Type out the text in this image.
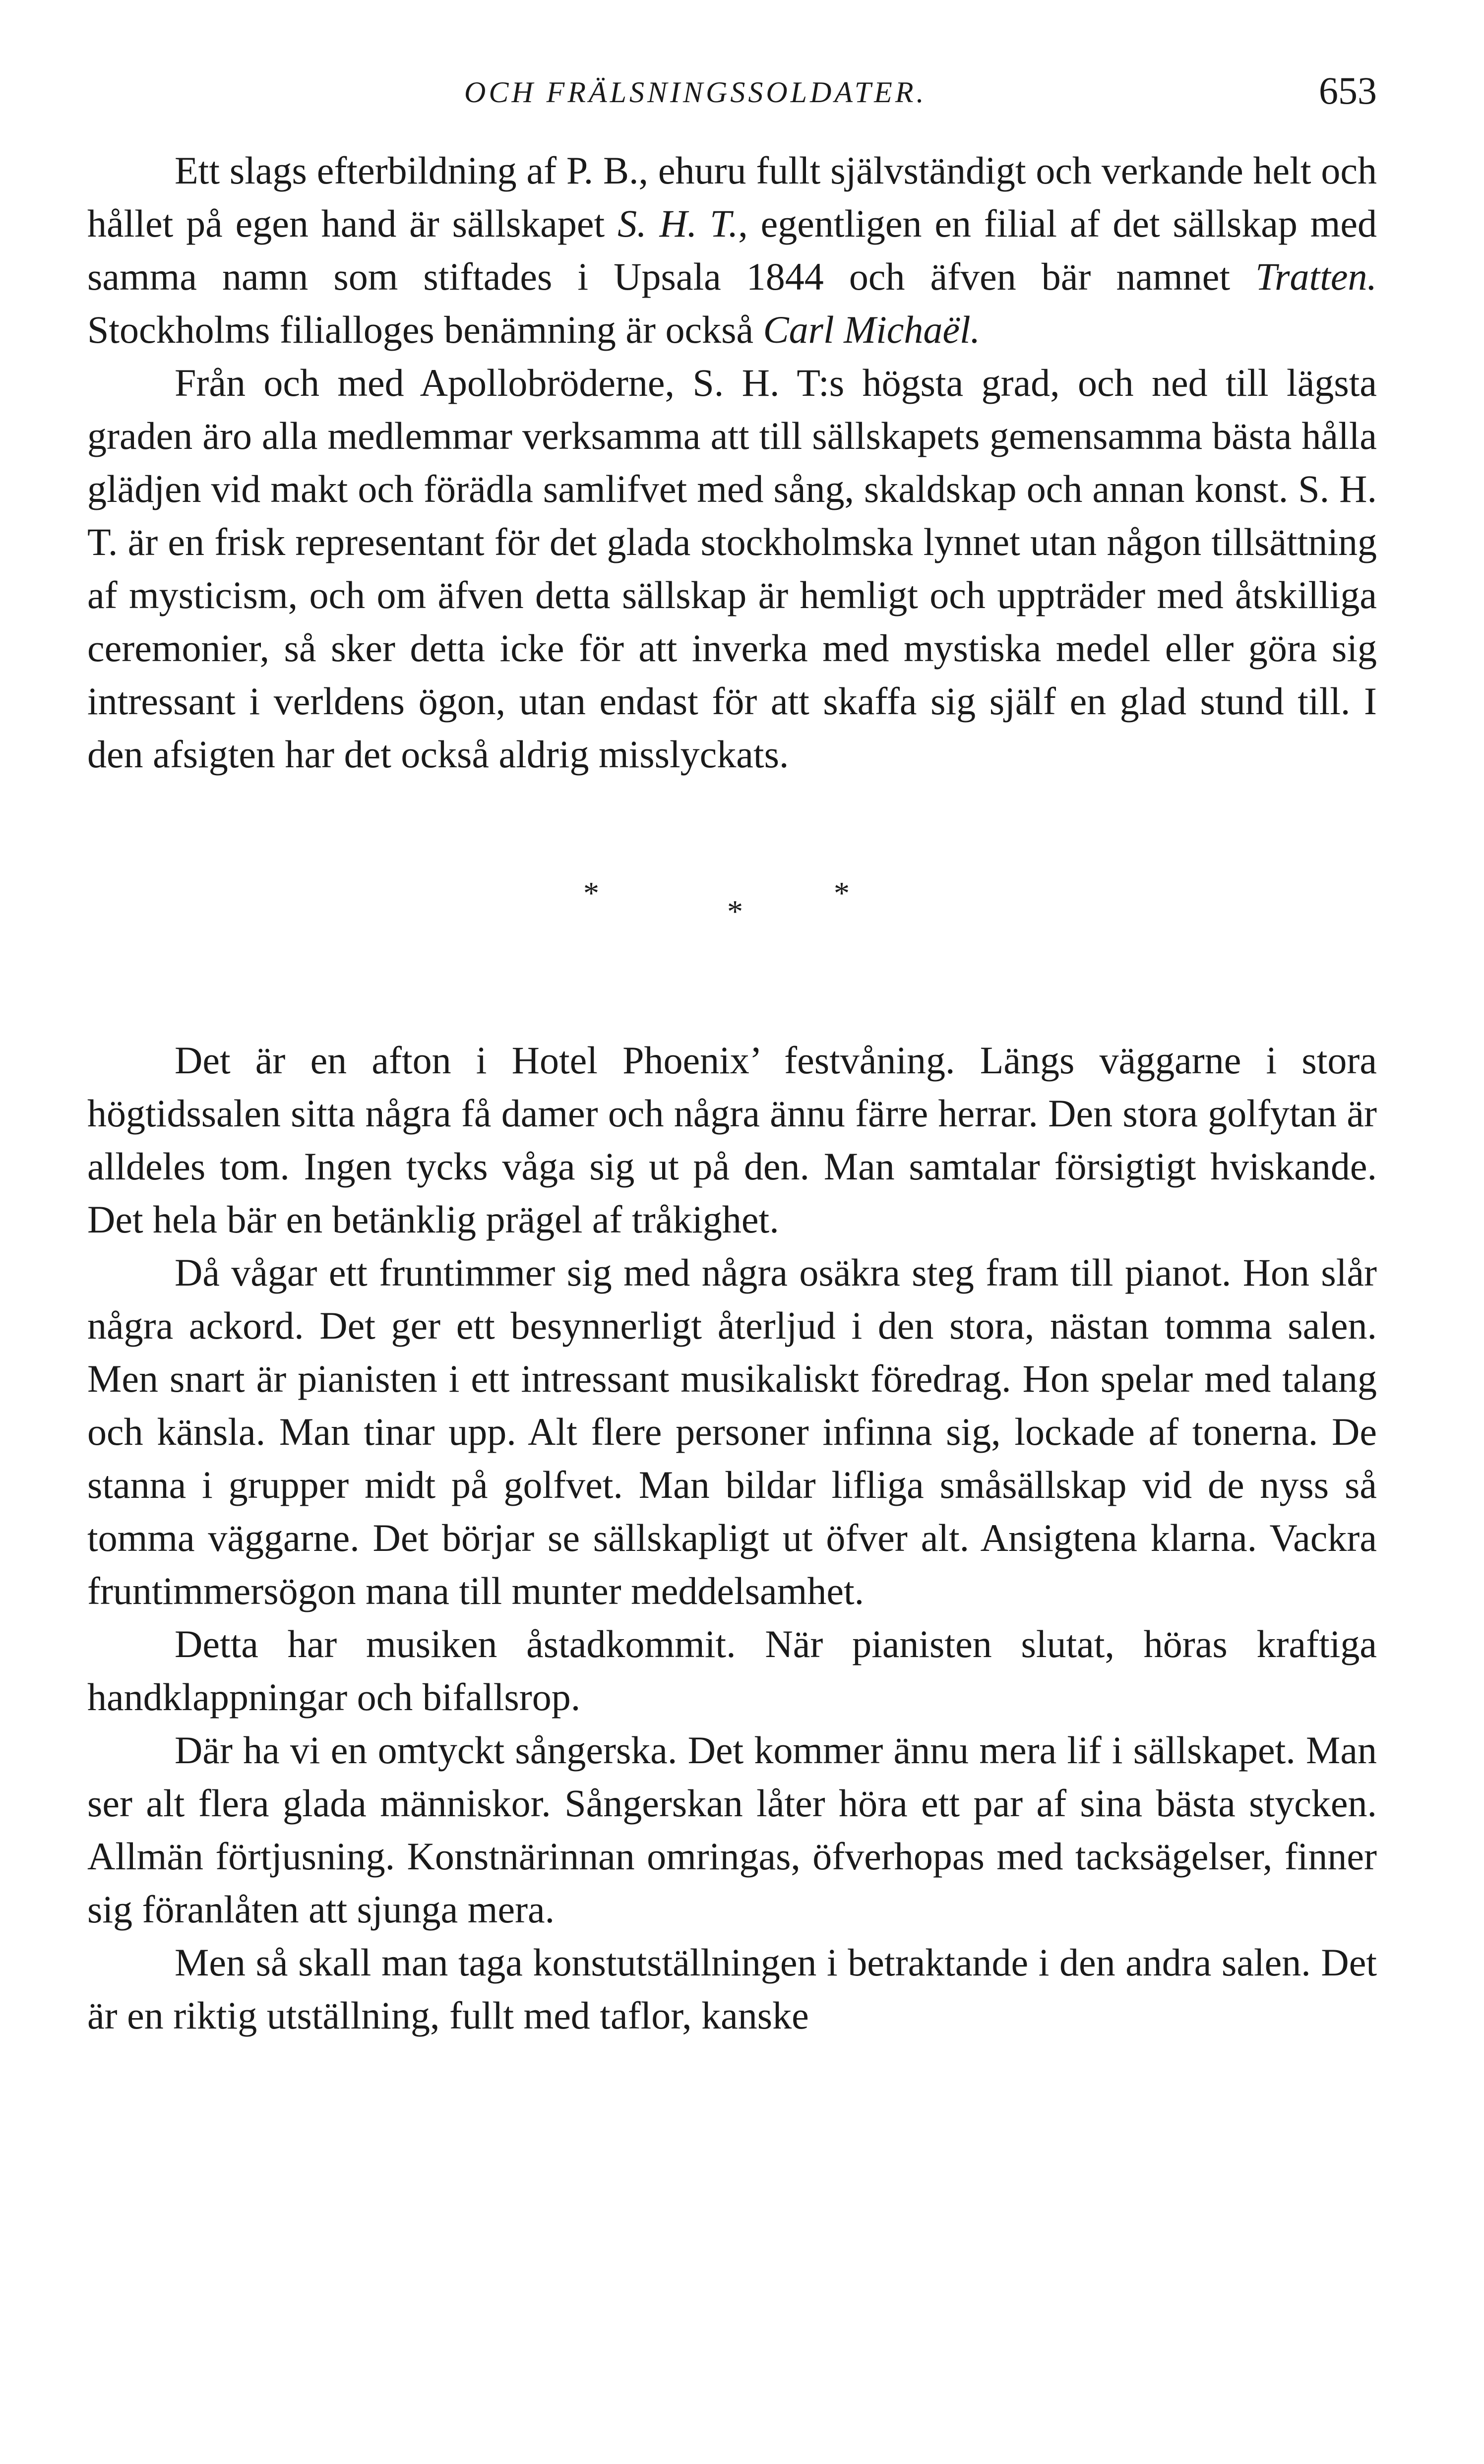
OCH FRÄLSNINGSSOLDATER.	653

Ett slags efterbildning af P. B., ehuru fullt självständigt och verkande helt och hållet på egen hand är sällskapet S. H. T., egentligen en filial af det sällskap med samma namn som stiftades i Upsala 1844 och äfven bär namnet Tratten. Stockholms filialloges benämning är också Carl Michaël.

Från och med Apollobröderne, S. H. T:s högsta grad, och ned till lägsta graden äro alla medlemmar verksamma att till sällskapets gemensamma bästa hålla glädjen vid makt och förädla samlifvet med sång, skaldskap och annan konst. S. H. T. är en frisk representant för det glada stockholmska lynnet utan någon tillsättning af mysticism, och om äfven detta sällskap är hemligt och uppträder med åtskilliga ceremonier, så sker detta icke för att inverka med mystiska medel eller göra sig intressant i verldens ögon, utan endast för att skaffa sig själf en glad stund till. I den afsigten har det också aldrig misslyckats.

*
*
*

Det är en afton i Hotel Phoenix’ festvåning. Längs väggarne i stora högtidssalen sitta några få damer och några ännu färre herrar. Den stora golfytan är alldeles tom. Ingen tycks våga sig ut på den. Man samtalar försigtigt hviskande. Det hela bär en betänklig prägel af tråkighet.

Då vågar ett fruntimmer sig med några osäkra steg fram till pianot. Hon slår några ackord. Det ger ett besynnerligt återljud i den stora, nästan tomma salen. Men snart är pianisten i ett intressant musikaliskt föredrag. Hon spelar med talang och känsla. Man tinar upp. Alt flere personer infinna sig, lockade af tonerna. De stanna i grupper midt på golfvet. Man bildar lifliga småsällskap vid de nyss så tomma väggarne. Det börjar se sällskapligt ut öfver alt. Ansigtena klarna. Vackra fruntimmersögon mana till munter meddelsamhet.

Detta har musiken åstadkommit. När pianisten slutat, höras kraftiga handklappningar och bifallsrop.

Där ha vi en omtyckt sångerska. Det kommer ännu mera lif i sällskapet. Man ser alt flera glada människor. Sångerskan låter höra ett par af sina bästa stycken. Allmän förtjusning. Konstnärinnan omringas, öfverhopas med tacksägelser, finner sig föranlåten att sjunga mera.

Men så skall man taga konstutställningen i betraktande i den andra salen. Det är en riktig utställning, fullt med taflor, kanske
